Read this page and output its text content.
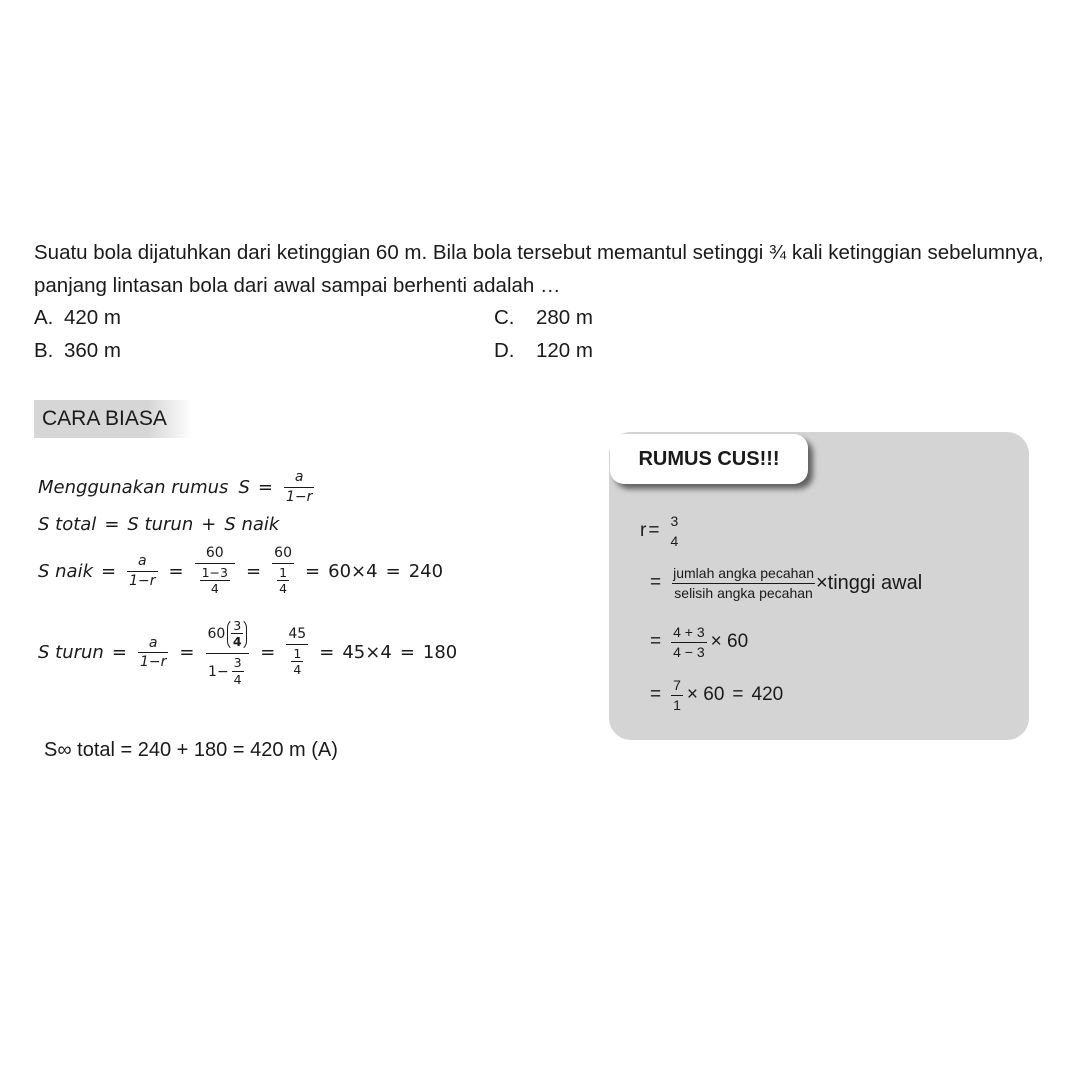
Suatu bola dijatuhkan dari ketinggian 60 m. Bila bola tersebut memantul setinggi ¾ kali ketinggian sebelumnya, panjang lintasan bola dari awal sampai berhenti adalah …
A. 420 m
B. 360 m
C. 280 m
D. 120 m
CARA BIASA
Menggunakan rumus $S = \frac{a}{1-r}$
S total = S turun + S naik
S naik = $\frac{a}{1-r} = \frac{60}{\frac{1-3}{4}} = \frac{60}{\frac{1}{4}} = 60\times 4 = 240$
S turun = $\frac{a}{1-r} = \frac{60 \frac{3}{4}}{1- \frac{3}{4}} = \frac{45}{\frac{1}{4}} = 45\times 4 = 180$
S∞ total = 240 + 180 = 420 m (A)
RUMUS CUS!!!
r = 3
4
= $\frac{\text{jumlah angka pecahan}}{\text{selisih angka pecahan}}$ ×tinggi awal
= $\frac{4 + 3}{4 - 3} \times 60$
= $\frac{7}{1} \times 60 = 420$
